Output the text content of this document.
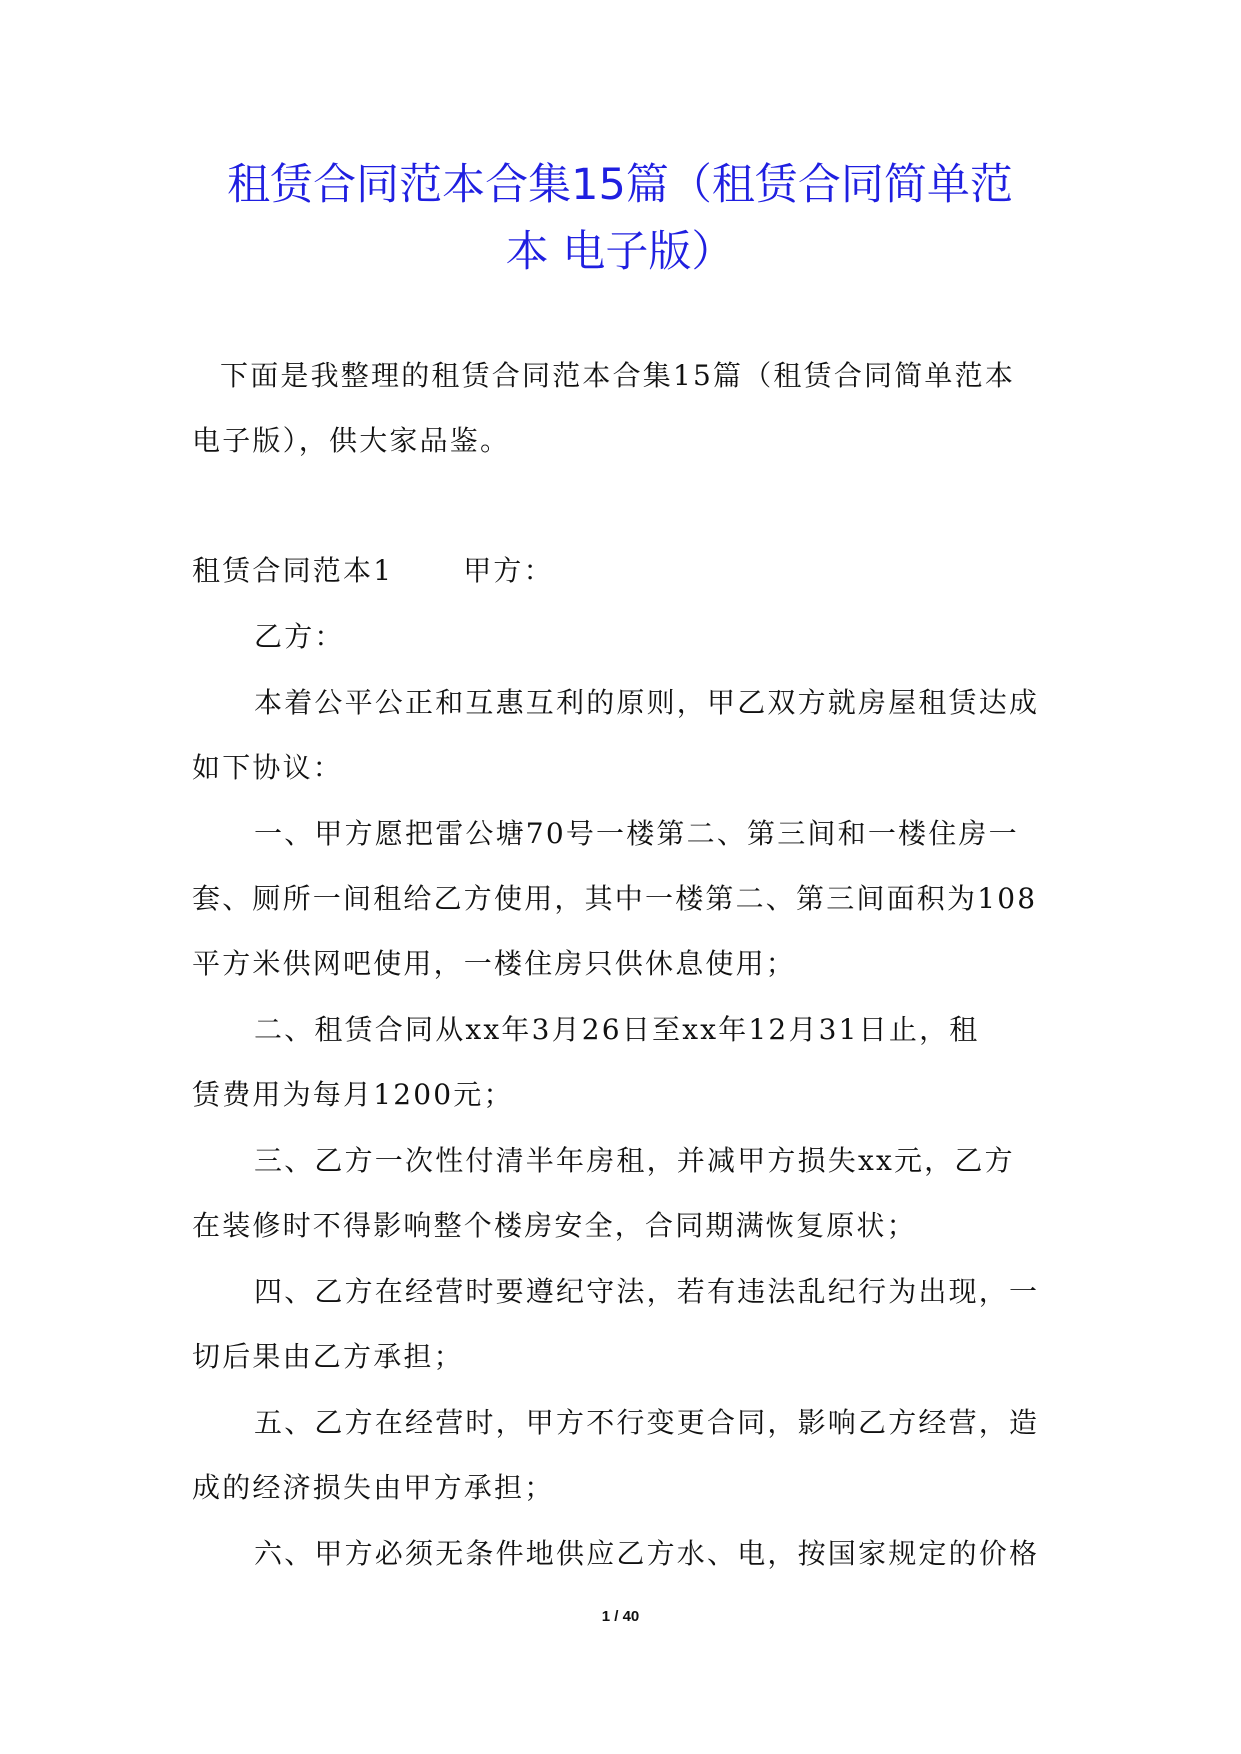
租赁合同范本合集15篇（租赁合同简单范
本 电子版）
下面是我整理的租赁合同范本合集15篇（租赁合同简单范本
电子版），供大家品鉴。
租赁合同范本1	甲方：
乙方：
本着公平公正和互惠互利的原则，甲乙双方就房屋租赁达成
如下协议：
一、甲方愿把雷公塘70号一楼第二、第三间和一楼住房一
套、厕所一间租给乙方使用，其中一楼第二、第三间面积为108
平方米供网吧使用，一楼住房只供休息使用；
二、租赁合同从xx年3月26日至xx年12月31日止，租
赁费用为每月1200元；
三、乙方一次性付清半年房租，并减甲方损失xx元，乙方
在装修时不得影响整个楼房安全，合同期满恢复原状；
四、乙方在经营时要遵纪守法，若有违法乱纪行为出现，一
切后果由乙方承担；
五、乙方在经营时，甲方不行变更合同，影响乙方经营，造
成的经济损失由甲方承担；
六、甲方必须无条件地供应乙方水、电，按国家规定的价格
1 / 40
